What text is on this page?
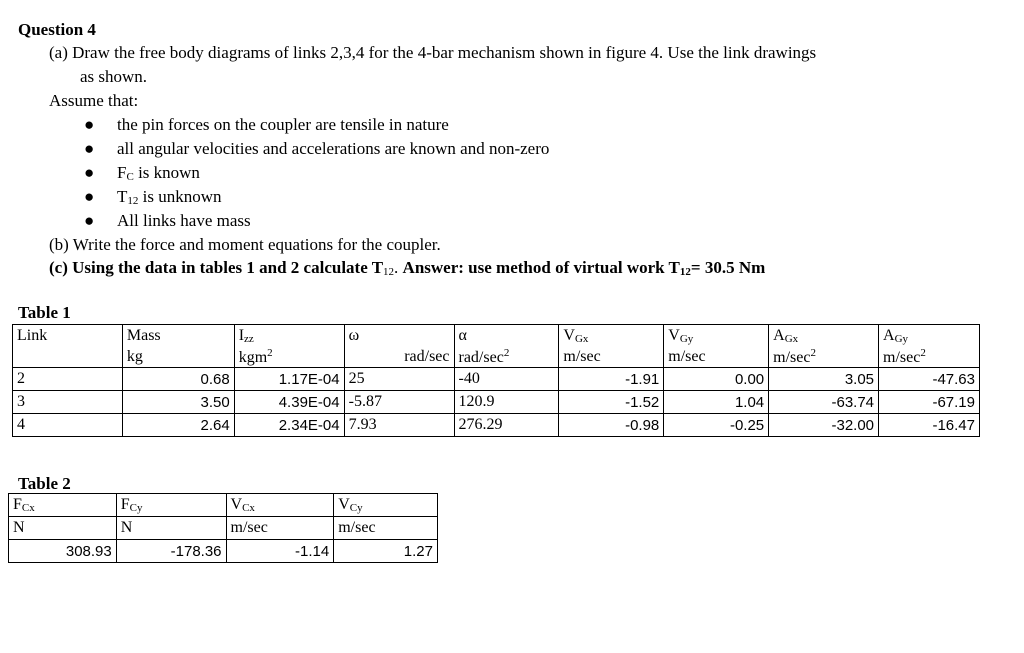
Question 4
(a) Draw the free body diagrams of links 2,3,4 for the 4-bar mechanism shown in figure 4. Use the link drawings
as shown.
Assume that:
● the pin forces on the coupler are tensile in nature
● all angular velocities and accelerations are known and non-zero
● $F_C$ is known
● $T_{12}$ is unknown
● All links have mass
(b) Write the force and moment equations for the coupler.
(c) Using the data in tables 1 and 2 calculate $T_{12}$. Answer: use method of virtual work $T_{12}= 30.5$ Nm
Table 1
Link	Mass	$I_{zz}$	ω	α	$V_{Gx}$	$V_{Gy}$	$A_{Gx}$	$A_{Gy}$
	kg	kgm$^2$	rad/sec	rad/$\sec^2$	m/sec	m/sec	$m/\sec^2$	$m/\sec^2$
2	0.68	1.17E-04	25	-40	-1.91	0.00	3.05	-47.63
3	3.50	4.39E-04	-5.87	120.9	-1.52	1.04	-63.74	-67.19
4	2.64	2.34E-04	7.93	276.29	-0.98	-0.25	-32.00	-16.47
Table 2
$F_{Cx}$	$F_{Cy}$	$V_{Cx}$	$V_{Cy}$
N	N	m/sec	m/sec
308.93	-178.36	-1.14	1.27
